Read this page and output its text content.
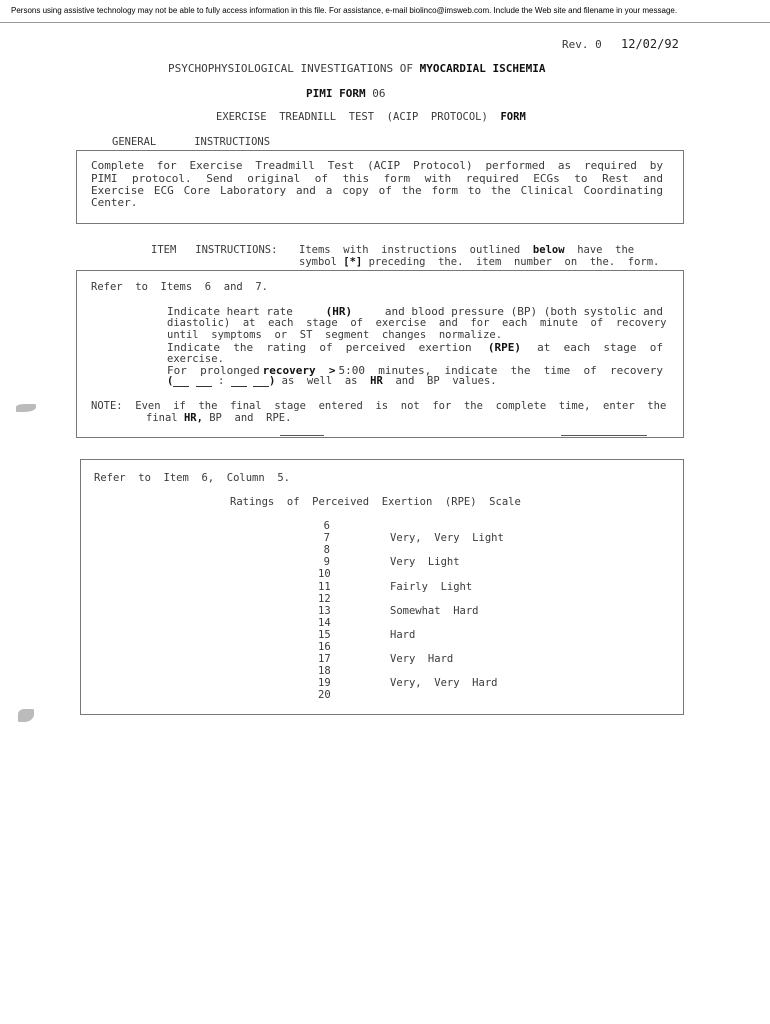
Persons using assistive technology may not be able to fully access information in this file. For assistance, e-mail biolinco@imsweb.com. Include the Web site and filename in your message.
Rev. 0 12/02/92
PSYCHOPHYSIOLOGICAL INVESTIGATIONS OF MYOCARDIAL ISCHEMIA
PIMI FORM 06
EXERCISE  TREADNILL  TEST  (ACIP  PROTOCOL) FORM
GENERAL	INSTRUCTIONS
Complete for Exercise Treadmill Test (ACIP Protocol) performed as required by
PIMI protocol. Send original of this form with required ECGs to Rest and
Exercise ECG Core Laboratory and a copy of the form to the Clinical Coordinating
Center.
ITEM INSTRUCTIONS: Items  with  instructions  outlined below have  the
symbol [*] preceding  the.  item  number  on  the.  form.
Refer  to  Items  6  and  7.
Indicate heart rate	(HR)	and blood pressure (BP) (both systolic and
diastolic)  at  each  stage  of  exercise  and  for  each  minute  of  recovery
until  symptoms  or  ST  segment  changes  normalize.
Indicate  the  rating  of  perceived  exertion (RPE) at  each  stage  of
exercise.
For  prolonged recovery  > 5:00  minutes,  indicate  the  time  of  recovery
(	:	) as  well  as HR and  BP  values.
NOTE:  Even  if  the  final  stage  entered  is  not  for  the  complete  time,  enter  the
final HR, BP  and  RPE.
Refer  to  Item  6,  Column  5.
Ratings  of  Perceived  Exertion  (RPE)  Scale
6
7	Very,  Very  Light
8
9	Very  Light
10
11	Fairly  Light
12
13	Somewhat  Hard
14
15	Hard
16
17	Very  Hard
18
19	Very,  Very  Hard
20
